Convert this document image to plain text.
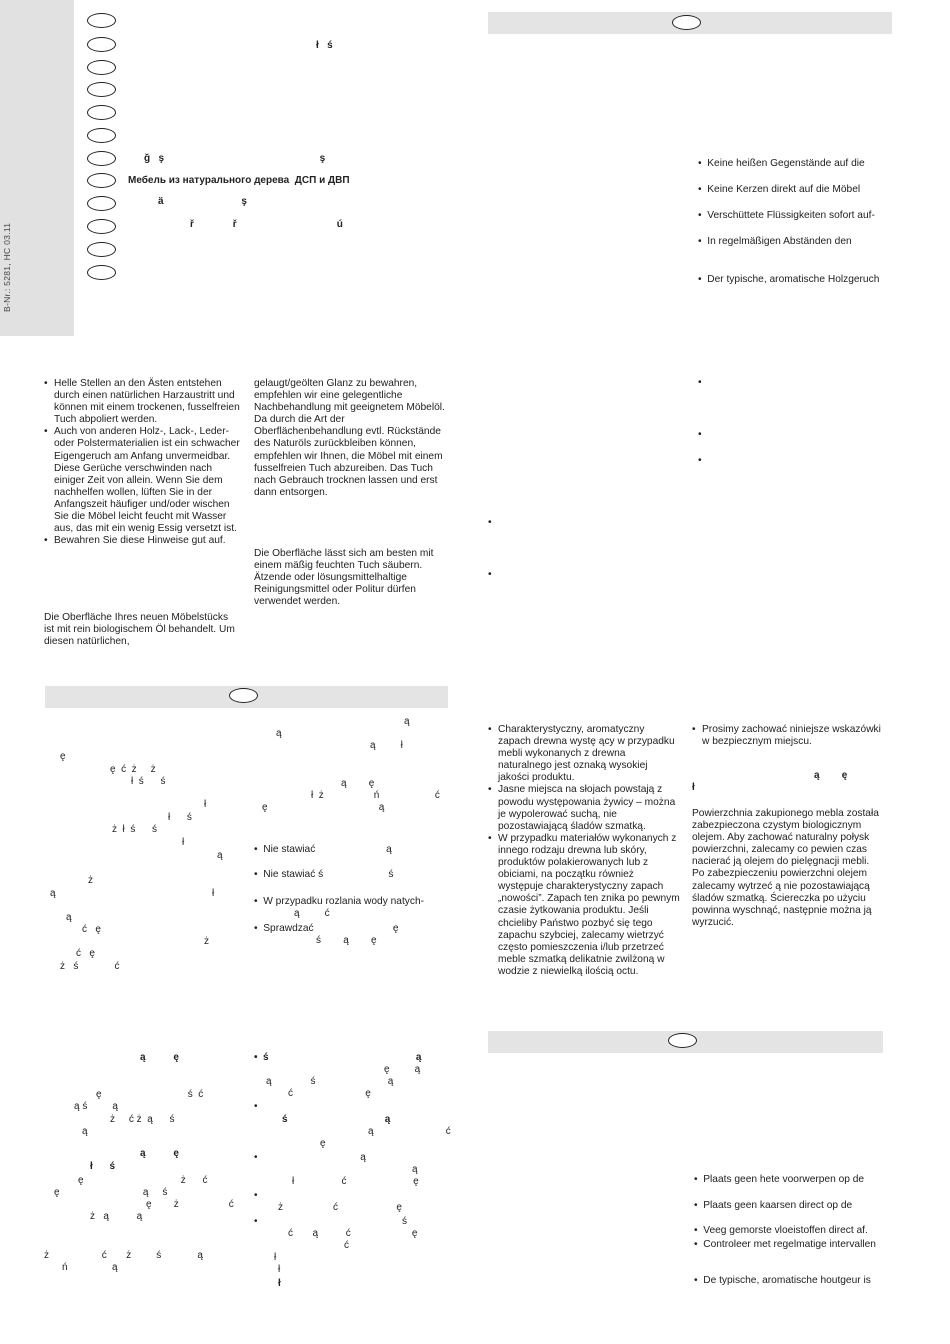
B-Nr.: 5281, HC 03.11
ł   ś
ğ   ş                                                        ş
Мебель из натурального дерева  ДСП и ДВП
ä                            ş
ř              ř                                    ú
•  Keine heißen Gegenstände auf die
•  Keine Kerzen direkt auf die Möbel
•  Verschüttete Flüssigkeiten sofort auf-
•  In regelmäßigen Abständen den
•  Der typische, aromatische Holzgeruch
•
•
•
•
•
• Helle Stellen an den Ästen entstehen durch einen natürlichen Harzaustritt und können mit einem trockenen, fusselfreien Tuch abpoliert werden.
• Auch von anderen Holz-, Lack-, Leder- oder Polstermaterialien ist ein schwacher Eigengeruch am Anfang unvermeidbar. Diese Gerüche verschwinden nach einiger Zeit von allein. Wenn Sie dem nachhelfen wollen, lüften Sie in der Anfangszeit häufiger und/oder wischen Sie die Möbel leicht feucht mit Wasser aus, das mit ein wenig Essig versetzt ist.
• Bewahren Sie diese Hinweise gut auf.
Die Oberfläche Ihres neuen Möbelstücks ist mit rein biologischem Öl behandelt. Um diesen natürlichen,
gelaugt/geölten Glanz zu bewahren, empfehlen wir eine gelegentliche Nachbehandlung mit geeignetem Möbelöl. Da durch die Art der Oberflächenbehandlung evtl. Rückstände des Naturöls zurückbleiben können, empfehlen wir Ihnen, die Möbel mit einem fusselfreien Tuch abzureiben. Das Tuch nach Gebrauch trocknen lassen und erst dann entsorgen.
Die Oberfläche lässt sich am besten mit einem mäßig feuchten Tuch säubern.
Ätzende oder lösungsmittelhaltige Reinigungsmittel oder Politur dürfen verwendet werden.
ę
ę  ć  ż     ż
ł  ś      ś
ł
ł      ś
ż  ł  ś      ś
ł
ą
ż
ą	ł
ą
ć   ę
ż
ć   ę
ż   ś             ć
ą
ą
ą         ł
ą        ę
ł  ż                  ń                    ć
ę                                        ą
•  Nie stawiać                         ą
•  Nie stawiać ś                       ś
•  W przypadku rozlania wody natych-
ą         ć
•  Sprawdzać                            ę
ś        ą        ę
• Charakterystyczny, aromatyczny zapach drewna wystę ący w przypadku mebli wykonanych z drewna naturalnego jest oznaką wysokiej jakości produktu.
• Jasne miejsca na słojach powstają z powodu występowania żywicy – można je wypolerować suchą, nie pozostawiającą śladów szmatką.
• W przypadku materiałów wykonanych z innego rodzaju drewna lub skóry, produktów polakierowanych lub z obiciami, na początku również występuje charakterystyczny zapach „nowości”. Zapach ten znika po pewnym czasie żytkowania produktu. Jeśli chcieliby Państwo pozbyć się tego zapachu szybciej, zalecamy wietrzyć często pomieszczenia i/lub przetrzeć meble szmatką delikatnie zwilżoną w wodzie z niewielką ilością octu.
• Prosimy zachować niniejsze wskazówki w bezpiecznym miejscu.
ą        ę
ł
Powierzchnia zakupionego mebla została zabezpieczona czystym biologicznym olejem. Aby zachować naturalny połysk powierzchni, zalecamy co pewien czas nacierać ją olejem do pielęgnacji mebli. Po zabezpieczeniu powierzchni olejem zalecamy wytrzeć ą nie pozostawiającą śladów szmatką. Ściereczka po użyciu powinna wyschnąć, następnie można ją wyrzucić.
ą          ę
ę                               ś  ć
ą ś         ą
ż     ć ż  ą      ś
ą
ą          ę
ł      ś
ę                                   ż      ć
ę                              ą     ś
ę        ż                  ć
ż   ą          ą
ż                   ć       ż         ś             ą
ń                ą
•  ś                                                     ą
ę         ą
ą              ś                          ą
ć                          ę
•
ś                                   ą
ą                          ć
ę
•                                     ą
ą
ł                 ć                        ę
•
ż                  ć                     ę
•                                                    ś
ć       ą          ć                      ę
ć
ł
ł
ł
•  Plaats geen hete voorwerpen op de
•  Plaats geen kaarsen direct op de
•  Veeg gemorste vloeistoffen direct af.
•  Controleer met regelmatige intervallen
•  De typische, aromatische houtgeur is
